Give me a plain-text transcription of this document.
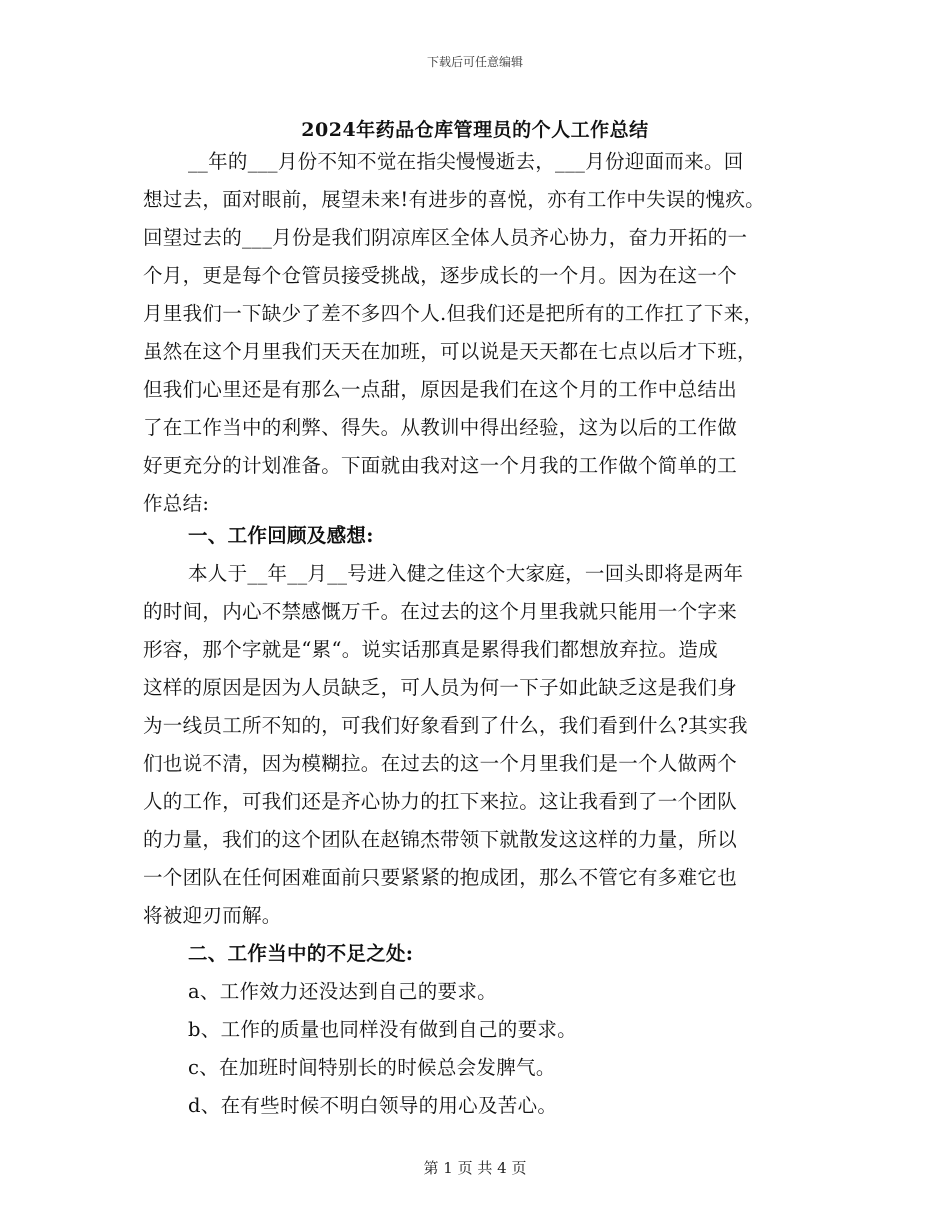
下载后可任意编辑
2024年药品仓库管理员的个人工作总结
__年的___月份不知不觉在指尖慢慢逝去，___月份迎面而来。回
想过去，面对眼前，展望未来!有进步的喜悦，亦有工作中失误的愧疚。
回望过去的___月份是我们阴凉库区全体人员齐心协力，奋力开拓的一
个月，更是每个仓管员接受挑战，逐步成长的一个月。因为在这一个
月里我们一下缺少了差不多四个人.但我们还是把所有的工作扛了下来，
虽然在这个月里我们天天在加班，可以说是天天都在七点以后才下班，
但我们心里还是有那么一点甜，原因是我们在这个月的工作中总结出
了在工作当中的利弊、得失。从教训中得出经验，这为以后的工作做
好更充分的计划准备。下面就由我对这一个月我的工作做个简单的工
作总结:
一、工作回顾及感想:
本人于__年__月__号进入健之佳这个大家庭，一回头即将是两年
的时间，内心不禁感慨万千。在过去的这个月里我就只能用一个字来
形容，那个字就是“累“。说实话那真是累得我们都想放弃拉。造成
这样的原因是因为人员缺乏，可人员为何一下子如此缺乏这是我们身
为一线员工所不知的，可我们好象看到了什么，我们看到什么?其实我
们也说不清，因为模糊拉。在过去的这一个月里我们是一个人做两个
人的工作，可我们还是齐心协力的扛下来拉。这让我看到了一个团队
的力量，我们的这个团队在赵锦杰带领下就散发这这样的力量，所以
一个团队在任何困难面前只要紧紧的抱成团，那么不管它有多难它也
将被迎刃而解。
二、工作当中的不足之处:
a、工作效力还没达到自己的要求。
b、工作的质量也同样没有做到自己的要求。
c、在加班时间特别长的时候总会发脾气。
d、在有些时候不明白领导的用心及苦心。
第 1 页 共 4 页
